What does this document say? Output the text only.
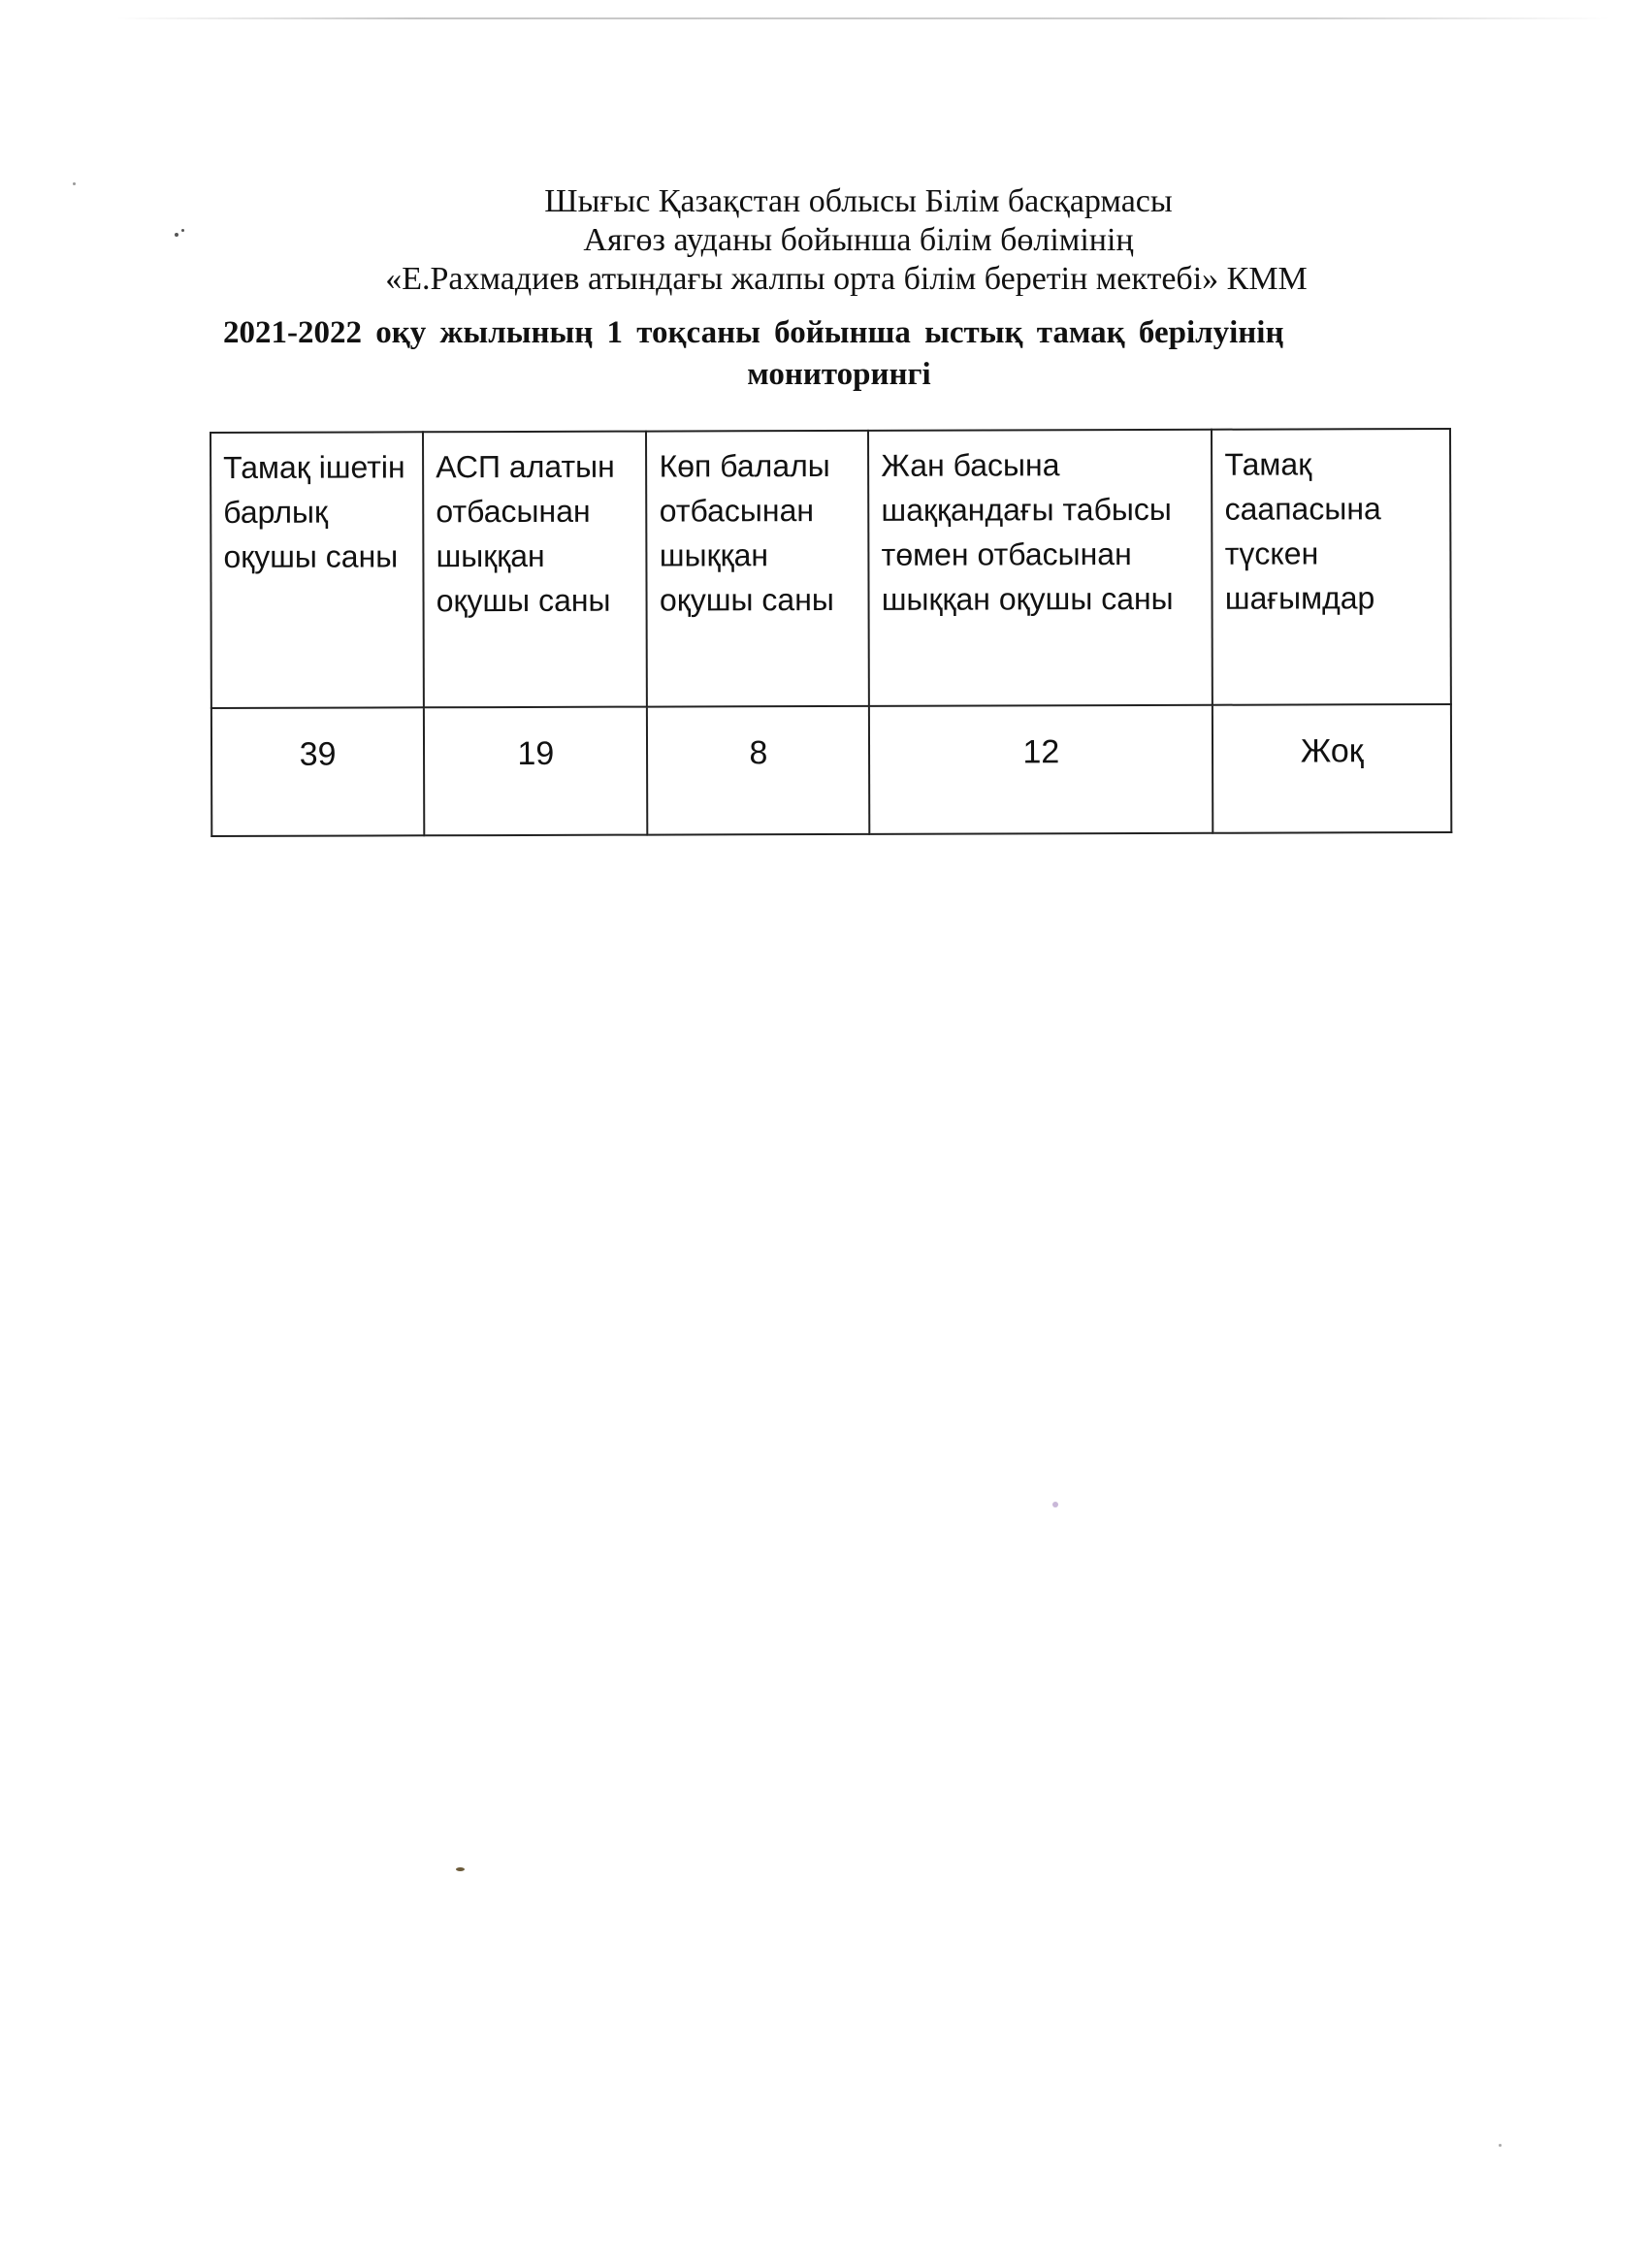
Шығыс Қазақстан облысы Білім басқармасы
Аягөз ауданы бойынша білім бөлімінің
«Е.Рахмадиев атындағы жалпы орта білім беретін мектебі» КММ
2021-2022 оқу жылының 1 тоқсаны бойынша ыстық тамақ берілуінің
мониторингі
Тамақ ішетін барлық оқушы саны	АСП алатын отбасынан шыққан оқушы саны	Көп балалы отбасынан шыққан оқушы саны	Жан басына шаққандағы табысы төмен отбасынан шыққан оқушы саны	Тамақ саапасына түскен шағымдар
39	19	8	12	Жоқ
